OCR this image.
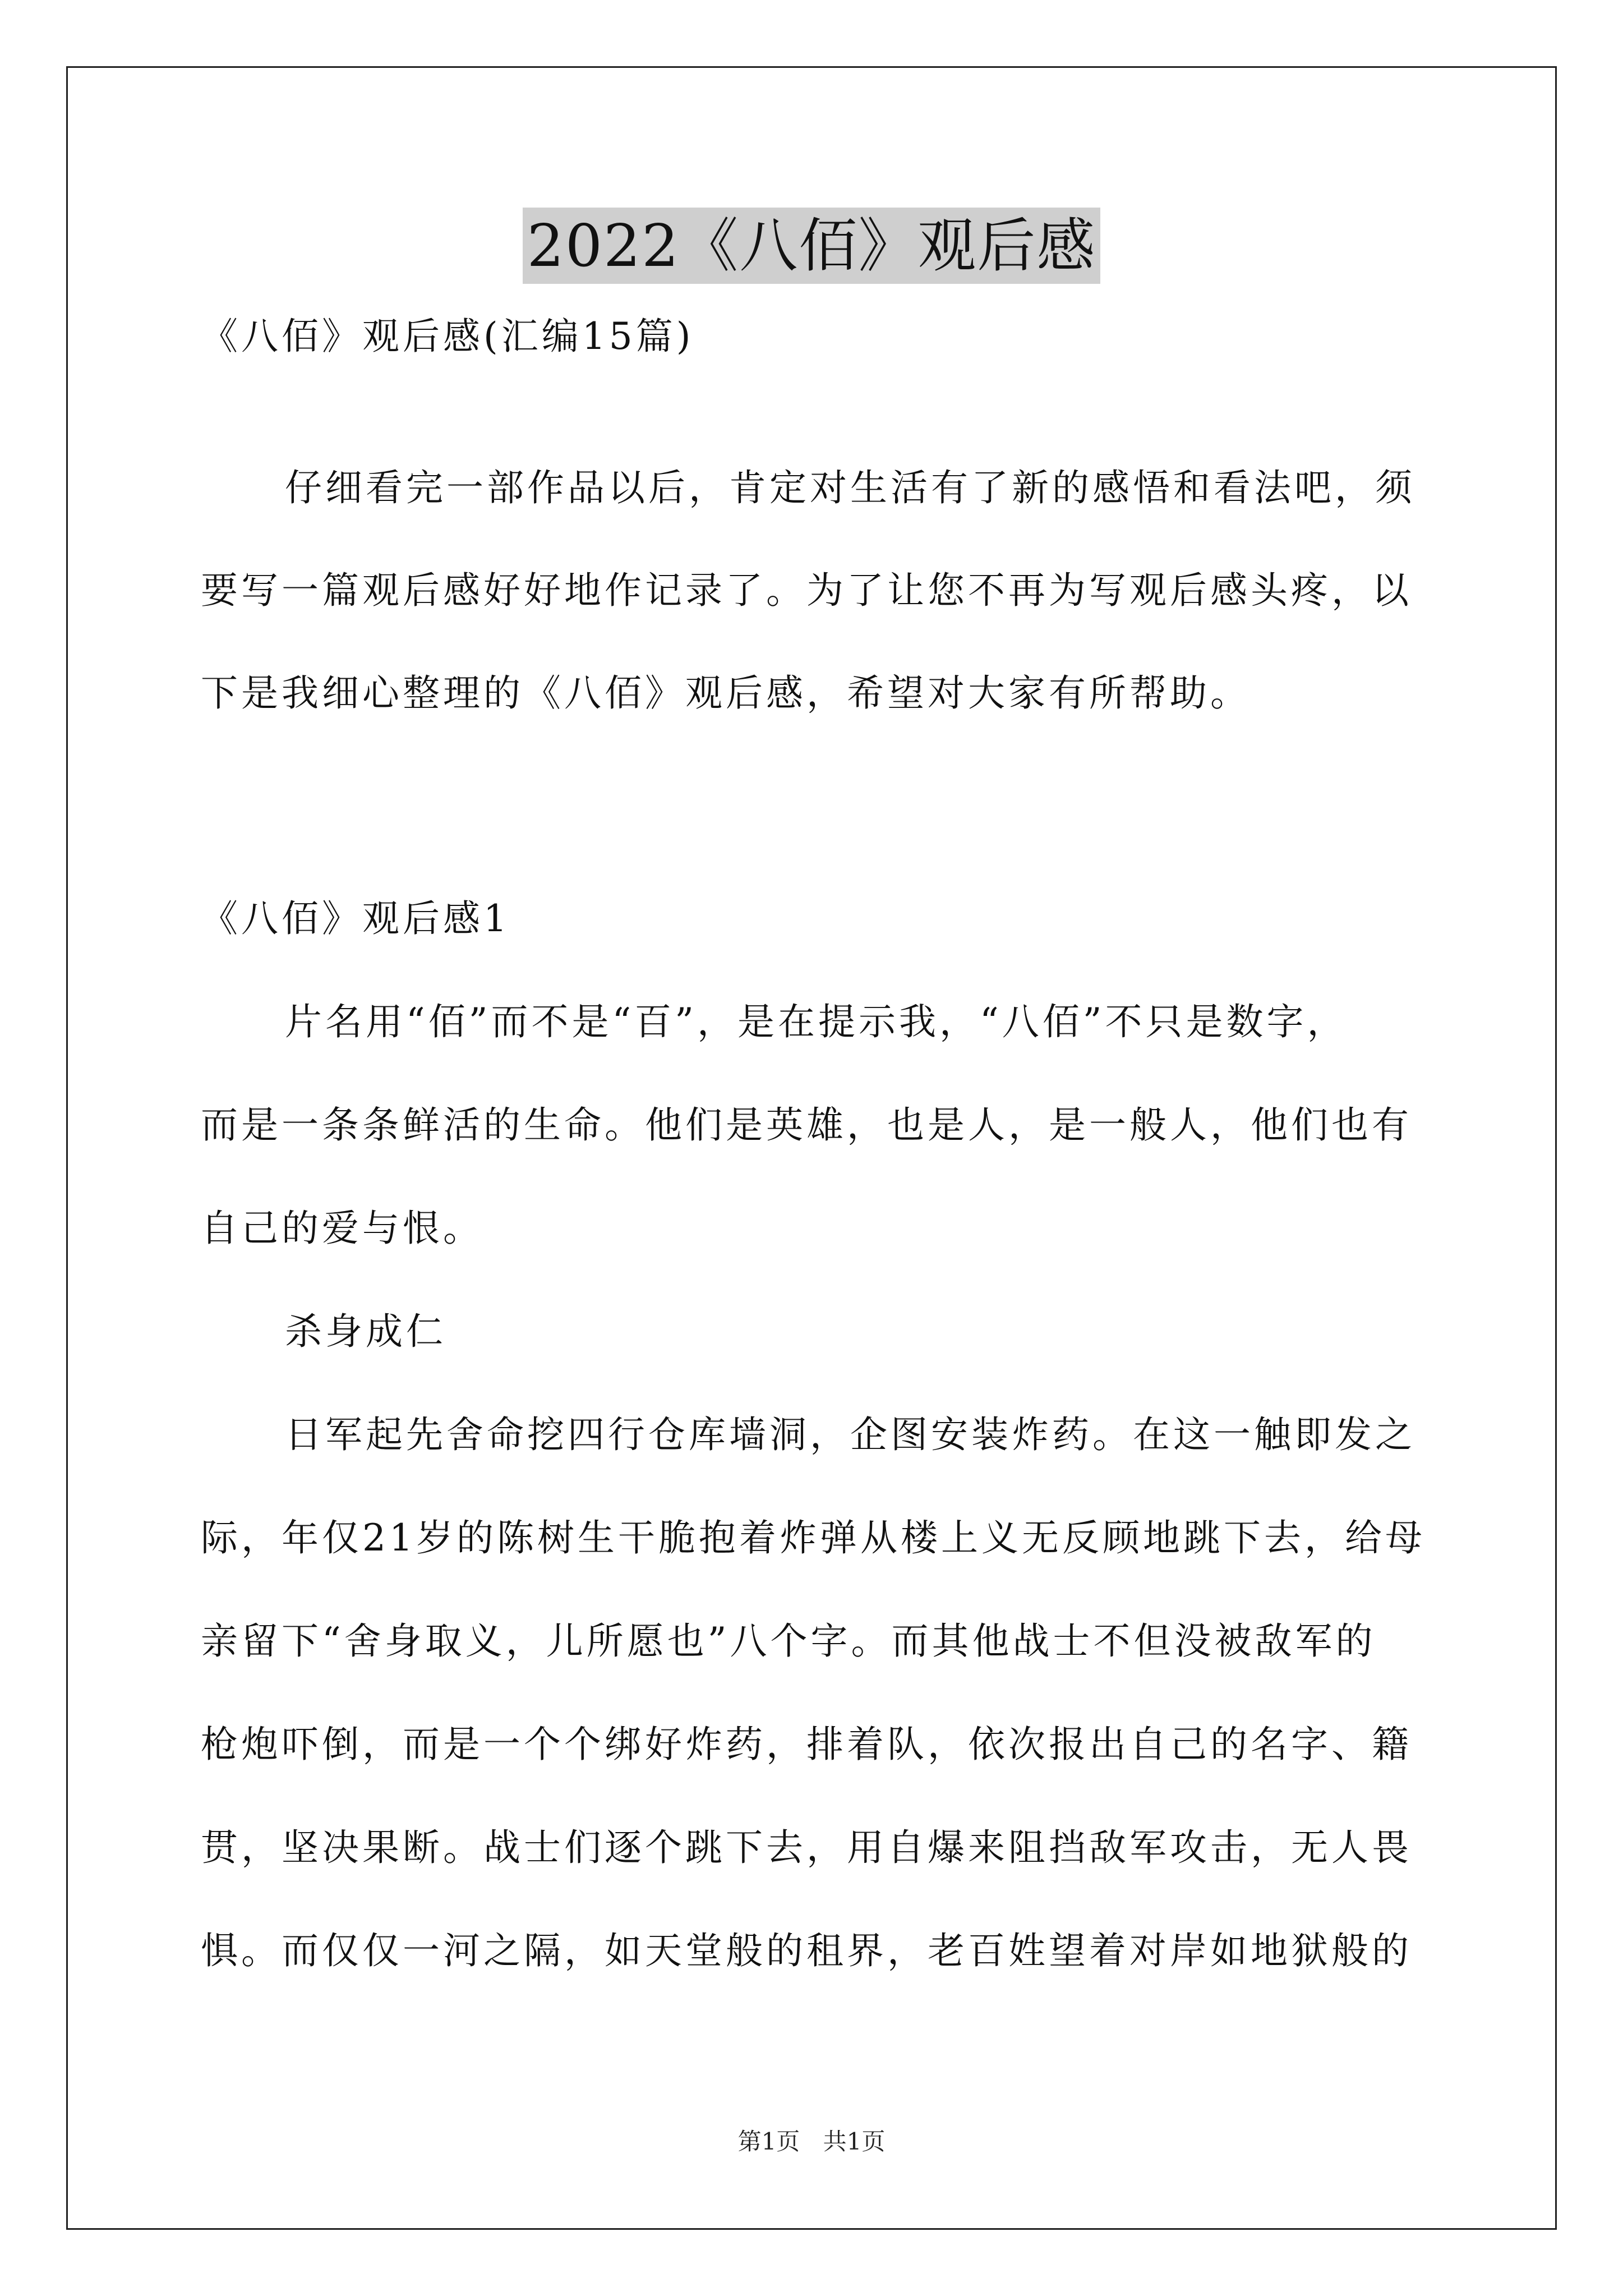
2022《八佰》观后感
《八佰》观后感(汇编15篇)
仔细看完一部作品以后，肯定对生活有了新的感悟和看法吧，须
要写一篇观后感好好地作记录了。为了让您不再为写观后感头疼，以
下是我细心整理的《八佰》观后感，希望对大家有所帮助。
《八佰》观后感1
片名用“佰”而不是“百”，是在提示我，“八佰”不只是数字，
而是一条条鲜活的生命。他们是英雄，也是人，是一般人，他们也有
自己的爱与恨。
杀身成仁
日军起先舍命挖四行仓库墙洞，企图安装炸药。在这一触即发之
际，年仅21岁的陈树生干脆抱着炸弹从楼上义无反顾地跳下去，给母
亲留下“舍身取义，儿所愿也”八个字。而其他战士不但没被敌军的
枪炮吓倒，而是一个个绑好炸药，排着队，依次报出自己的名字、籍
贯，坚决果断。战士们逐个跳下去，用自爆来阻挡敌军攻击，无人畏
惧。而仅仅一河之隔，如天堂般的租界，老百姓望着对岸如地狱般的
第1页 共1页
